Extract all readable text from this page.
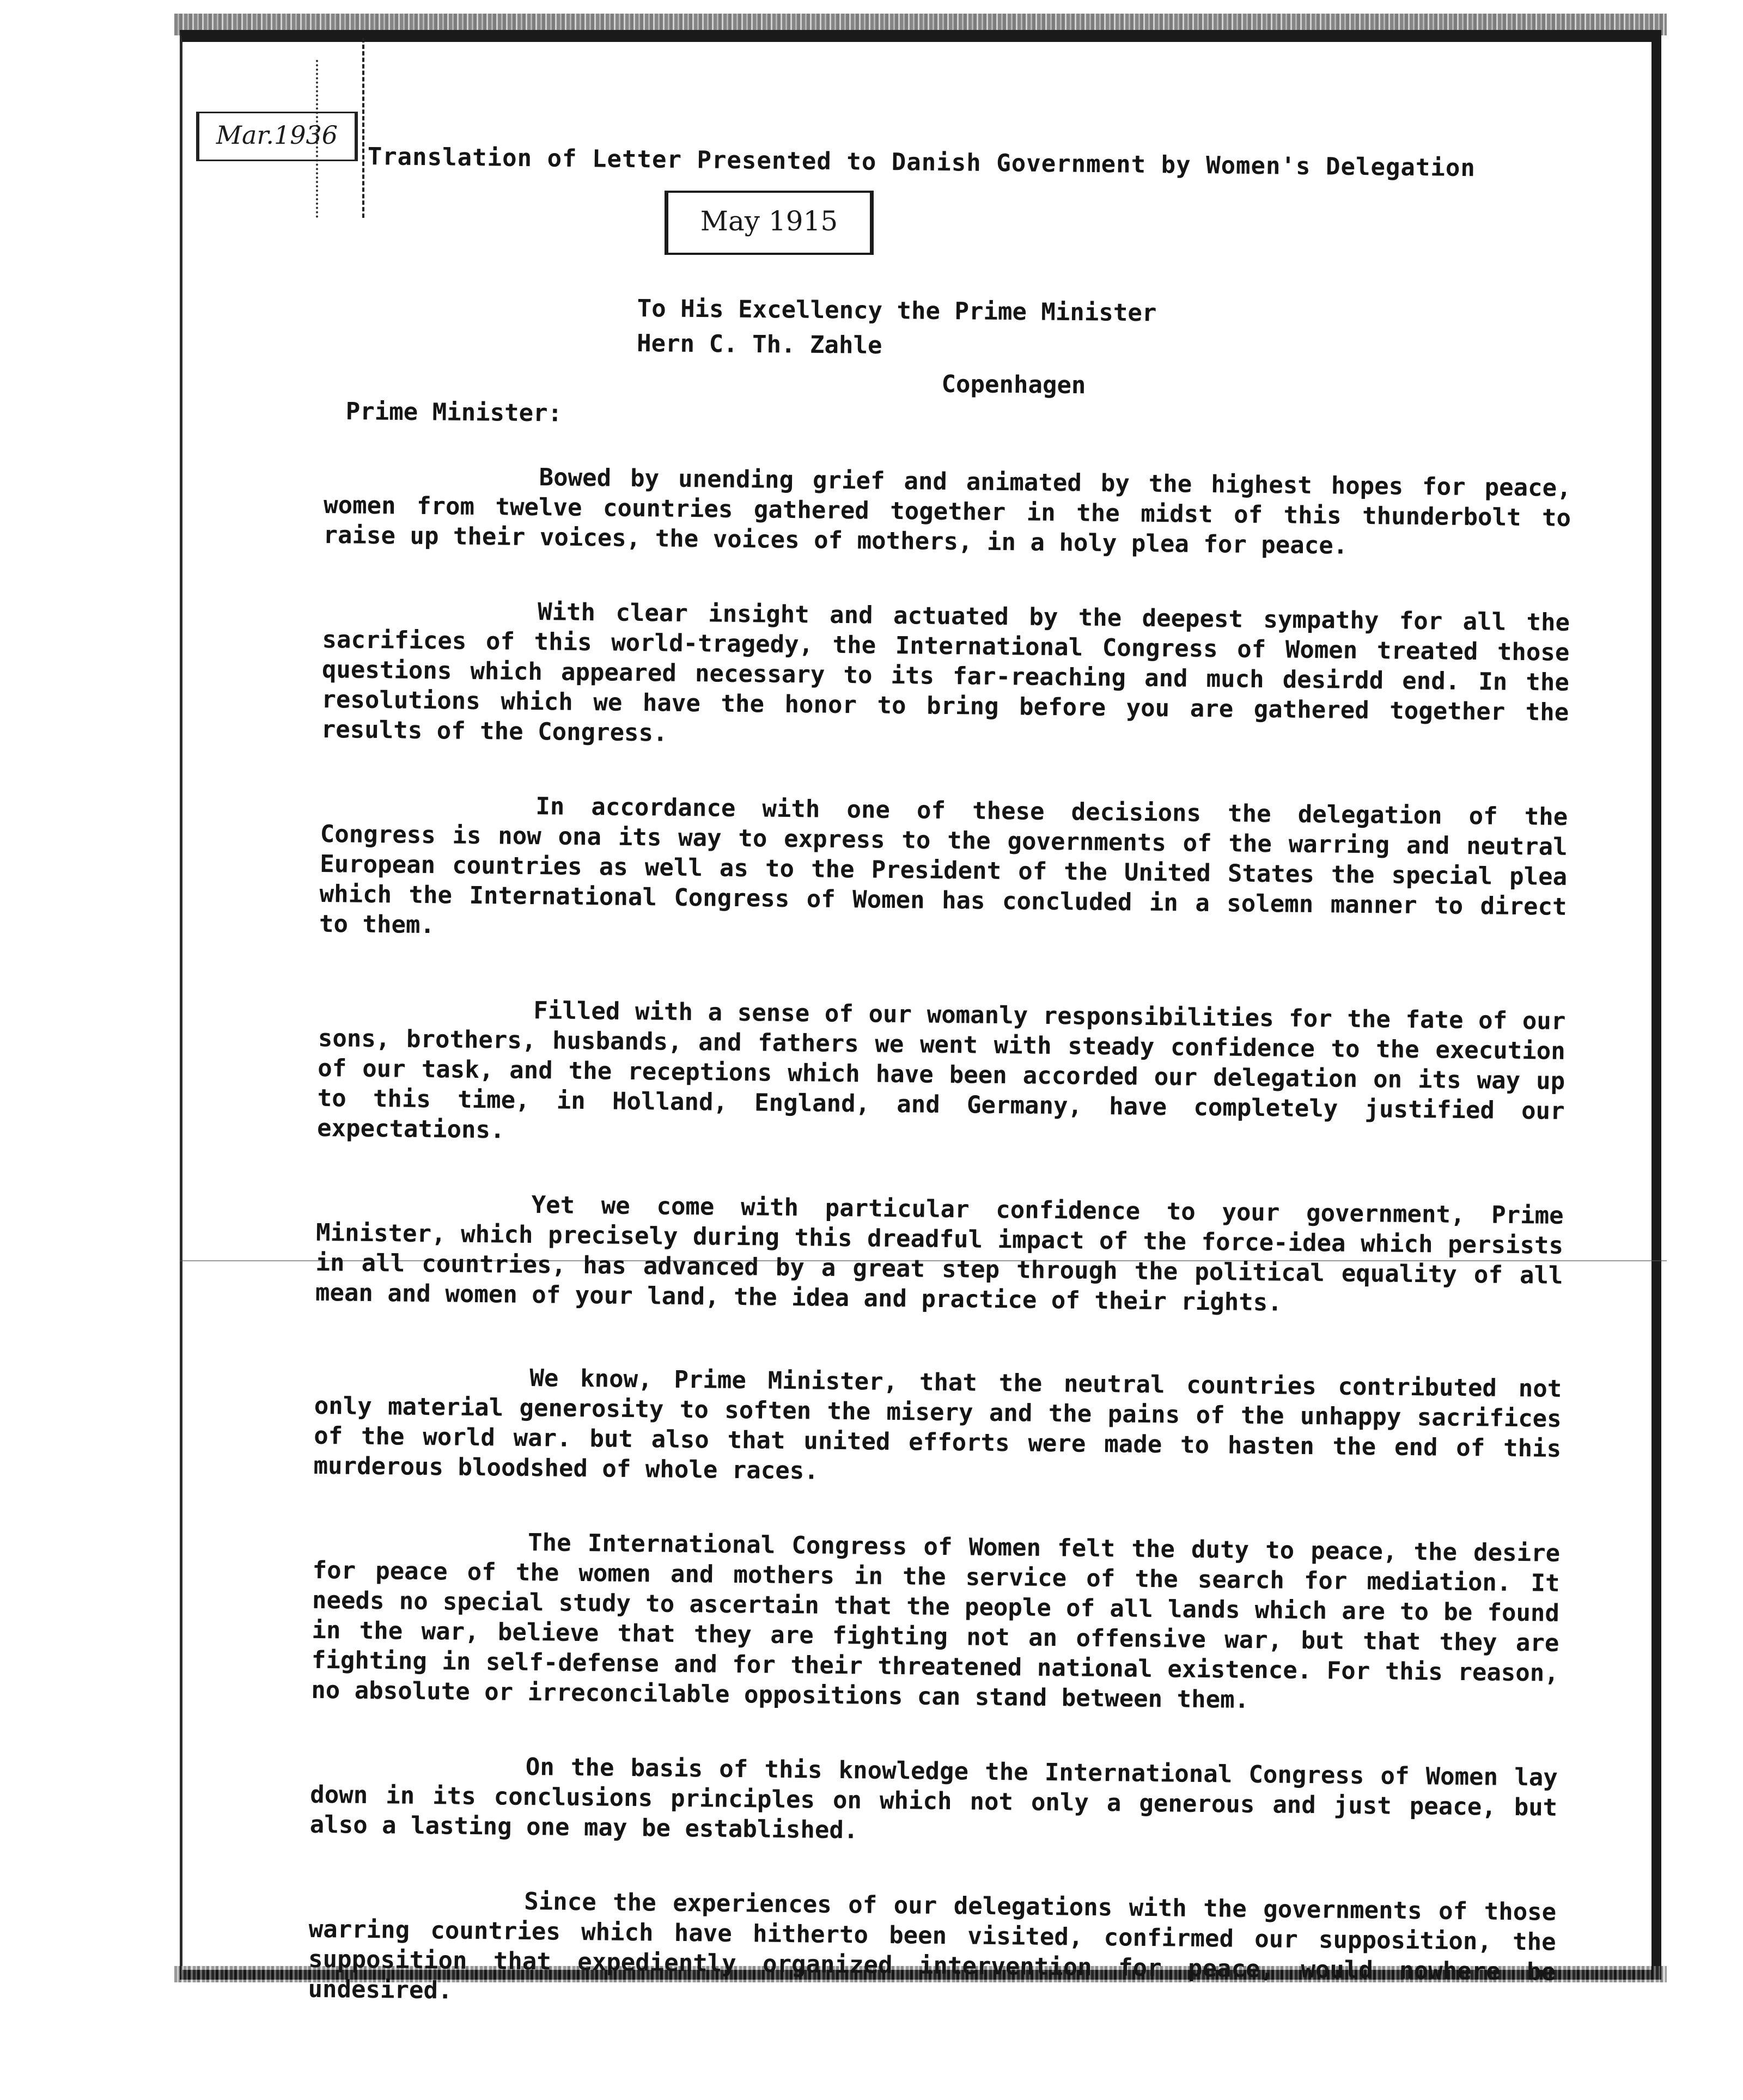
Mar.1936
Translation of Letter Presented to Danish Government by Women's Delegation
May 1915
To His Excellency the Prime Minister
Hern C. Th. Zahle
Copenhagen
Prime Minister:

Bowed by unending grief and animated by the highest hopes for peace, women from twelve countries gathered together in the midst of this thunderbolt to raise up their voices, the voices of mothers, in a holy plea for peace.

With clear insight and actuated by the deepest sympathy for all the sacrifices of this world-tragedy, the International Congress of Women treated those questions which appeared necessary to its far-reaching and much desirdd end. In the resolutions which we have the honor to bring before you are gathered together the results of the Congress.

In accordance with one of these decisions the delegation of the Congress is now ona its way to express to the governments of the warring and neutral European countries as well as to the President of the United States the special plea which the International Congress of Women has concluded in a solemn manner to direct to them.

Filled with a sense of our womanly responsibilities for the fate of our sons, brothers, husbands, and fathers we went with steady confidence to the execution of our task, and the receptions which have been accorded our delegation on its way up to this time, in Holland, England, and Germany, have completely justified our expectations.

Yet we come with particular confidence to your government, Prime Minister, which precisely during this dreadful impact of the force-idea which persists in all countries, has advanced by a great step through the political equality of all mean and women of your land, the idea and practice of their rights.

We know, Prime Minister, that the neutral countries contributed not only material generosity to soften the misery and the pains of the unhappy sacrifices of the world war. but also that united efforts were made to hasten the end of this murderous bloodshed of whole races.

The International Congress of Women felt the duty to peace, the desire for peace of the women and mothers in the service of the search for mediation. It needs no special study to ascertain that the people of all lands which are to be found in the war, believe that they are fighting not an offensive war, but that they are fighting in self-defense and for their threatened national existence. For this reason, no absolute or irreconcilable oppositions can stand between them.

On the basis of this knowledge the International Congress of Women lay down in its conclusions principles on which not only a generous and just peace, but also a lasting one may be established.

Since the experiences of our delegations with the governments of those warring countries which have hitherto been visited, confirmed our supposition, the supposition that expediently organized intervention for peace, would nowhere be undesired.
